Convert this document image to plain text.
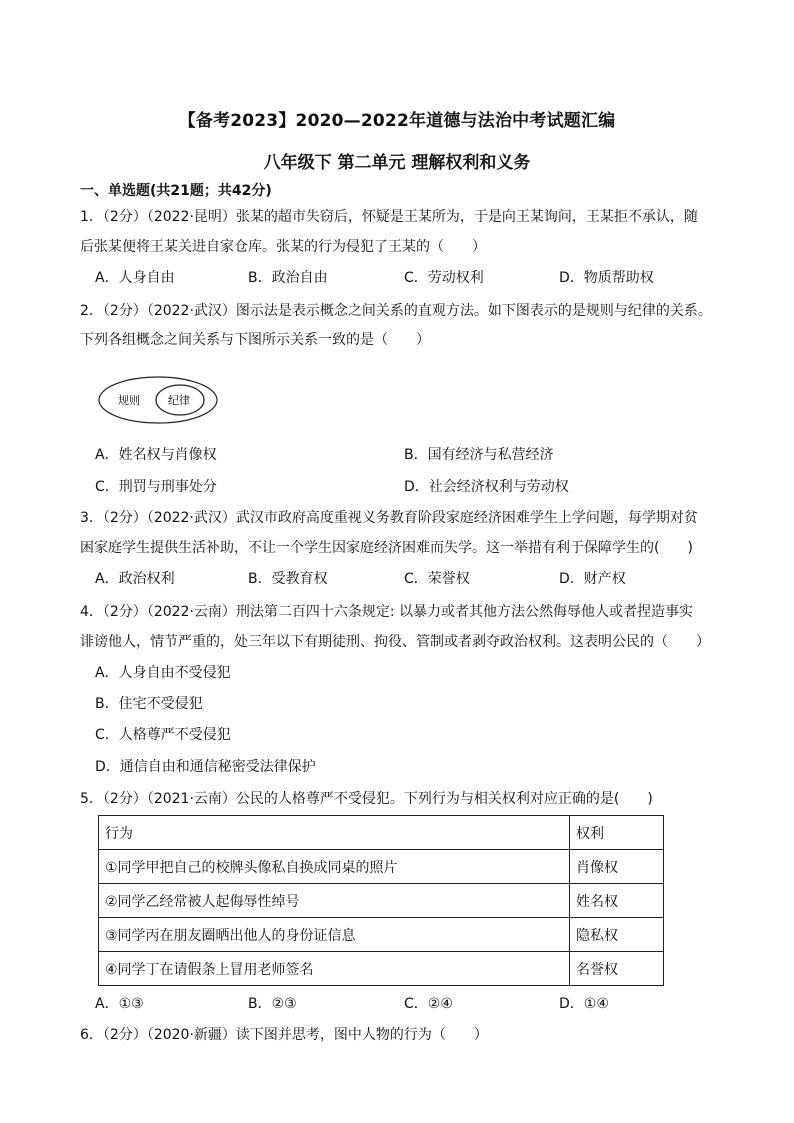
【备考2023】2020—2022年道德与法治中考试题汇编
八年级下 第二单元 理解权利和义务
一、单选题(共21题；共42分)
1．（2分）（2022·昆明）张某的超市失窃后，怀疑是王某所为，于是向王某询问，王某拒不承认，随
后张某便将王某关进自家仓库。张某的行为侵犯了王某的（　　）
A．人身自由	B．政治自由	C．劳动权利	D．物质帮助权
2．（2分）（2022·武汉）图示法是表示概念之间关系的直观方法。如下图表示的是规则与纪律的关系。
下列各组概念之间关系与下图所示关系一致的是（　　）
规则	纪律
A．姓名权与肖像权	B．国有经济与私营经济
C．刑罚与刑事处分	D．社会经济权利与劳动权
3．（2分）（2022·武汉）武汉市政府高度重视义务教育阶段家庭经济困难学生上学问题，每学期对贫
困家庭学生提供生活补助，不让一个学生因家庭经济困难而失学。这一举措有利于保障学生的(　　)
A．政治权利	B．受教育权	C．荣誉权	D．财产权
4．（2分）（2022·云南）刑法第二百四十六条规定: 以暴力或者其他方法公然侮辱他人或者捏造事实
诽谤他人，情节严重的，处三年以下有期徒刑、拘役、管制或者剥夺政治权利。这表明公民的（　　）
A．人身自由不受侵犯
B．住宅不受侵犯
C．人格尊严不受侵犯
D．通信自由和通信秘密受法律保护
5．（2分）（2021·云南）公民的人格尊严不受侵犯。下列行为与相关权利对应正确的是(　　)
行为	权利
①同学甲把自己的校牌头像私自换成同桌的照片	肖像权
②同学乙经常被人起侮辱性绰号	姓名权
③同学丙在朋友圈晒出他人的身份证信息	隐私权
④同学丁在请假条上冒用老师签名	名誉权
A．①③	B．②③	C．②④	D．①④
6．（2分）（2020·新疆）读下图并思考，图中人物的行为（　　）
